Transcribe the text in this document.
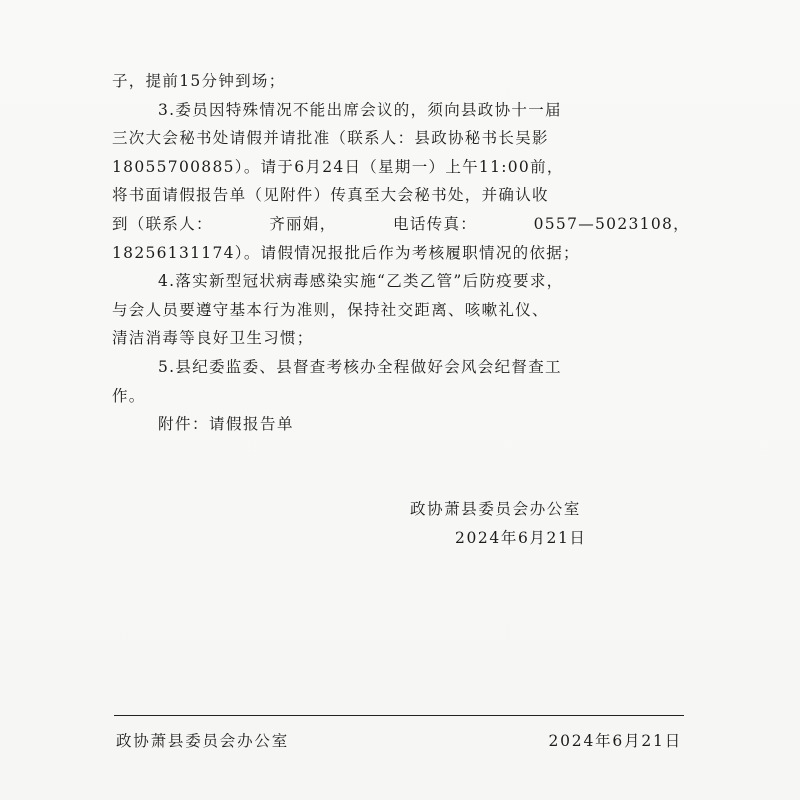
子，提前15分钟到场；
3.委员因特殊情况不能出席会议的，须向县政协十一届
三次大会秘书处请假并请批准（联系人：县政协秘书长吴影
18055700885）。请于6月24日（星期一）上午11:00前，
将书面请假报告单（见附件）传真至大会秘书处，并确认收
到（联系人：	齐丽娟，	电话传真：	0557—5023108，
18256131174）。请假情况报批后作为考核履职情况的依据；
4.落实新型冠状病毒感染实施“乙类乙管”后防疫要求，
与会人员要遵守基本行为准则，保持社交距离、咳嗽礼仪、
清洁消毒等良好卫生习惯；
5.县纪委监委、县督查考核办全程做好会风会纪督查工
作。
附件：请假报告单
政协萧县委员会办公室
2024年6月21日
政协萧县委员会办公室	2024年6月21日
